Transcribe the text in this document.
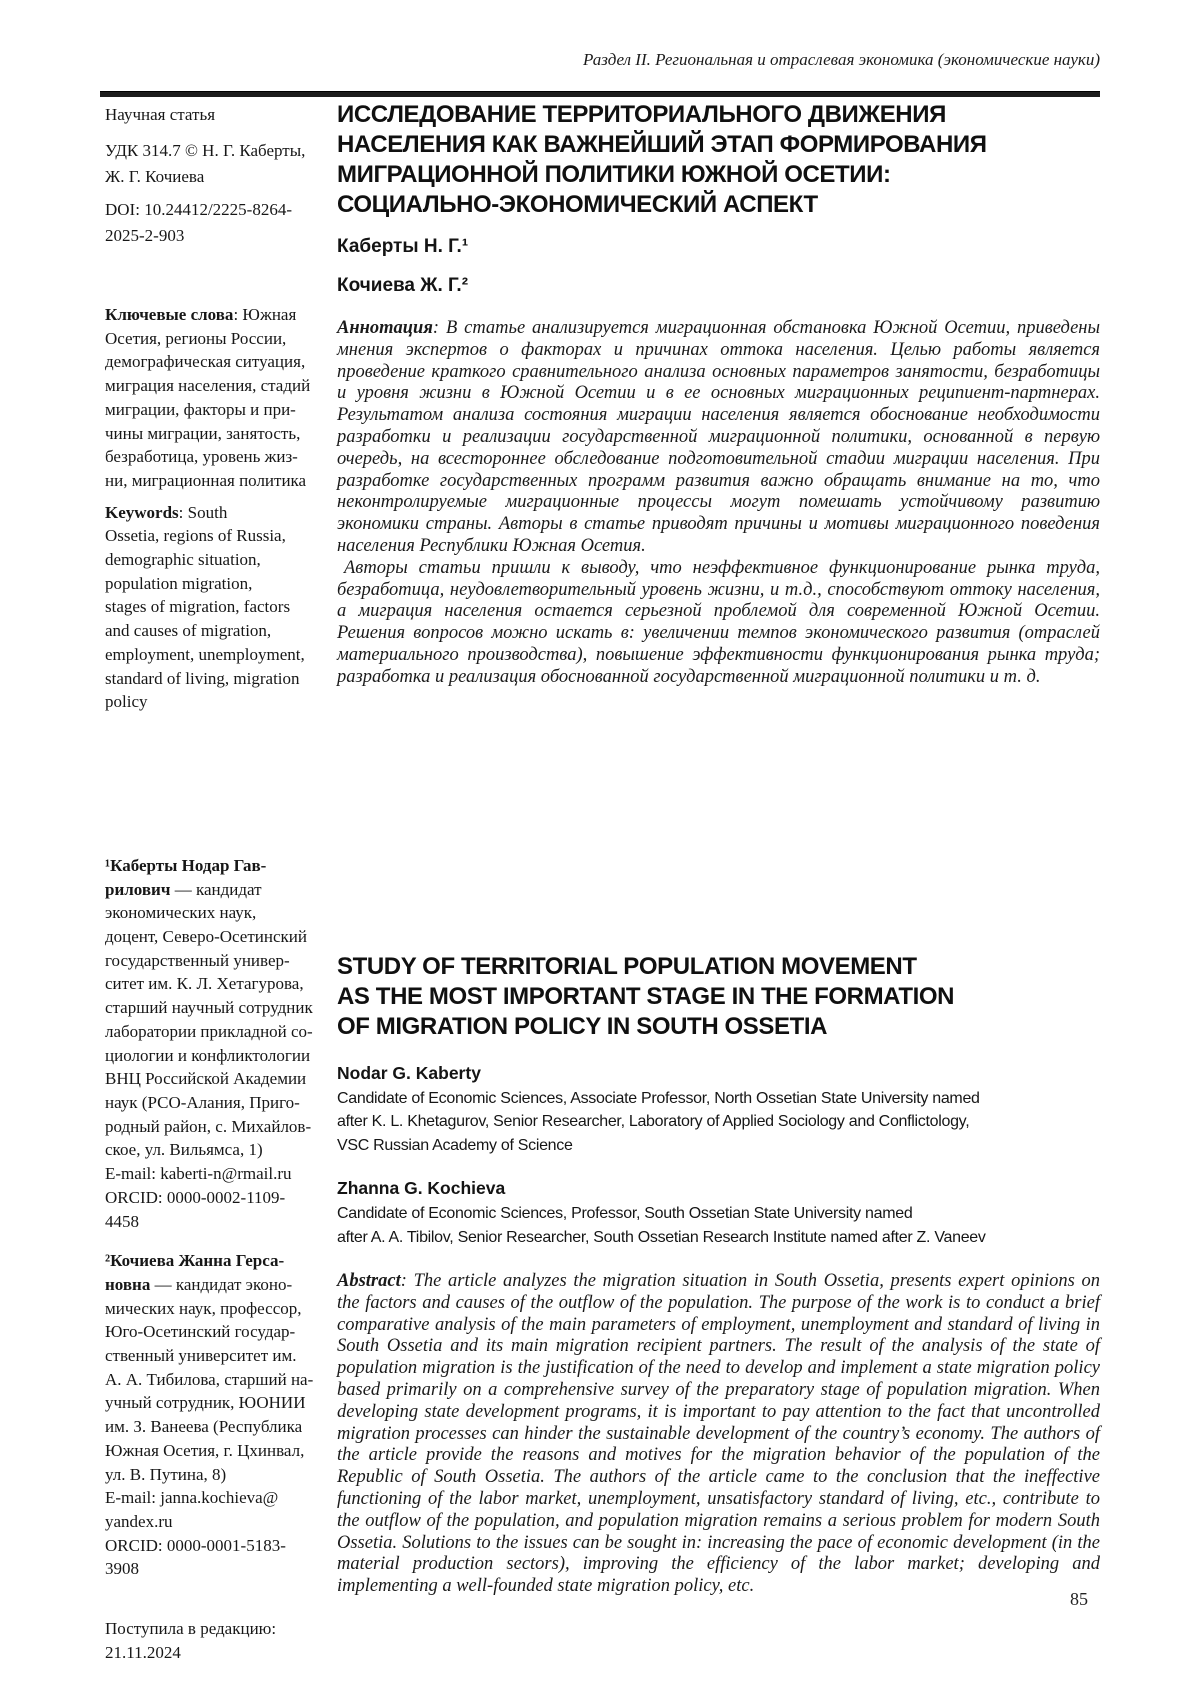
Раздел II. Региональная и отраслевая экономика (экономические науки)
Научная статья
УДК 314.7 © Н. Г. Каберты,
Ж. Г. Кочиева
DOI: 10.24412/2225-8264-
2025-2-903
Ключевые слова: Южная
Осетия, регионы России,
демографическая ситуация,
миграция населения, стадий
миграции, факторы и при-
чины миграции, занятость,
безработица, уровень жиз-
ни, миграционная политика
Keywords: South
Ossetia, regions of Russia,
demographic situation,
population migration,
stages of migration, factors
and causes of migration,
employment, unemployment,
standard of living, migration
policy
¹Каберты Нодар Гав-
рилович — кандидат
экономических наук,
доцент, Северо-Осетинский
государственный универ-
ситет им. К. Л. Хетагурова,
старший научный сотрудник
лаборатории прикладной со-
циологии и конфликтологии
ВНЦ Российской Академии
наук (РСО-Алания, Приго-
родный район, с. Михайлов-
ское, ул. Вильямса, 1)
E-mail: kaberti-n@rmail.ru
ORCID: 0000-0002-1109-
4458
²Кочиева Жанна Герса-
новна — кандидат эконо-
мических наук, профессор,
Юго-Осетинский государ-
ственный университет им.
А. А. Тибилова, старший на-
учный сотрудник, ЮОНИИ
им. З. Ванеева (Республика
Южная Осетия, г. Цхинвал,
ул. В. Путина, 8)
E-mail: janna.kochieva@
yandex.ru
ORCID: 0000-0001-5183-
3908
Поступила в редакцию:
21.11.2024
ИССЛЕДОВАНИЕ ТЕРРИТОРИАЛЬНОГО ДВИЖЕНИЯ
НАСЕЛЕНИЯ КАК ВАЖНЕЙШИЙ ЭТАП ФОРМИРОВАНИЯ
МИГРАЦИОННОЙ ПОЛИТИКИ ЮЖНОЙ ОСЕТИИ:
СОЦИАЛЬНО-ЭКОНОМИЧЕСКИЙ АСПЕКТ
Каберты Н. Г.¹
Кочиева Ж. Г.²
Аннотация: В статье анализируется миграционная обстановка Южной Осетии, приведены мнения экспертов о факторах и причинах оттока населения. Целью работы является проведение краткого сравнительного анализа основных параметров занятости, безработицы и уровня жизни в Южной Осетии и в ее основных миграционных реципиент-партнерах. Результатом анализа состояния миграции населения является обоснование необходимости разработки и реализации государственной миграционной политики, основанной в первую очередь, на всестороннее обследование подготовительной стадии миграции населения. При разработке государственных программ развития важно обращать внимание на то, что неконтролируемые миграционные процессы могут помешать устойчивому развитию экономики страны. Авторы в статье приводят причины и мотивы миграционного поведения населения Республики Южная Осетия.
Авторы статьи пришли к выводу, что неэффективное функционирование рынка труда, безработица, неудовлетворительный уровень жизни, и т.д., способствуют оттоку населения, а миграция населения остается серьезной проблемой для современной Южной Осетии. Решения вопросов можно искать в: увеличении темпов экономического развития (отраслей материального производства), повышение эффективности функционирования рынка труда; разработка и реализация обоснованной государственной миграционной политики и т. д.
STUDY OF TERRITORIAL POPULATION MOVEMENT
AS THE MOST IMPORTANT STAGE IN THE FORMATION
OF MIGRATION POLICY IN SOUTH OSSETIA
Nodar G. Kaberty
Candidate of Economic Sciences, Associate Professor, North Ossetian State University named
after K. L. Khetagurov, Senior Researcher, Laboratory of Applied Sociology and Conflictology,
VSC Russian Academy of Science
Zhanna G. Kochieva
Candidate of Economic Sciences, Professor, South Ossetian State University named
after A. A. Tibilov, Senior Researcher, South Ossetian Research Institute named after Z. Vaneev
Abstract: The article analyzes the migration situation in South Ossetia, presents expert opinions on the factors and causes of the outflow of the population. The purpose of the work is to conduct a brief comparative analysis of the main parameters of employment, unemployment and standard of living in South Ossetia and its main migration recipient partners. The result of the analysis of the state of population migration is the justification of the need to develop and implement a state migration policy based primarily on a comprehensive survey of the preparatory stage of population migration. When developing state development programs, it is important to pay attention to the fact that uncontrolled migration processes can hinder the sustainable development of the country’s economy. The authors of the article provide the reasons and motives for the migration behavior of the population of the Republic of South Ossetia. The authors of the article came to the conclusion that the ineffective functioning of the labor market, unemployment, unsatisfactory standard of living, etc., contribute to the outflow of the population, and population migration remains a serious problem for modern South Ossetia. Solutions to the issues can be sought in: increasing the pace of economic development (in the material production sectors), improving the efficiency of the labor market; developing and implementing a well-founded state migration policy, etc.
85
